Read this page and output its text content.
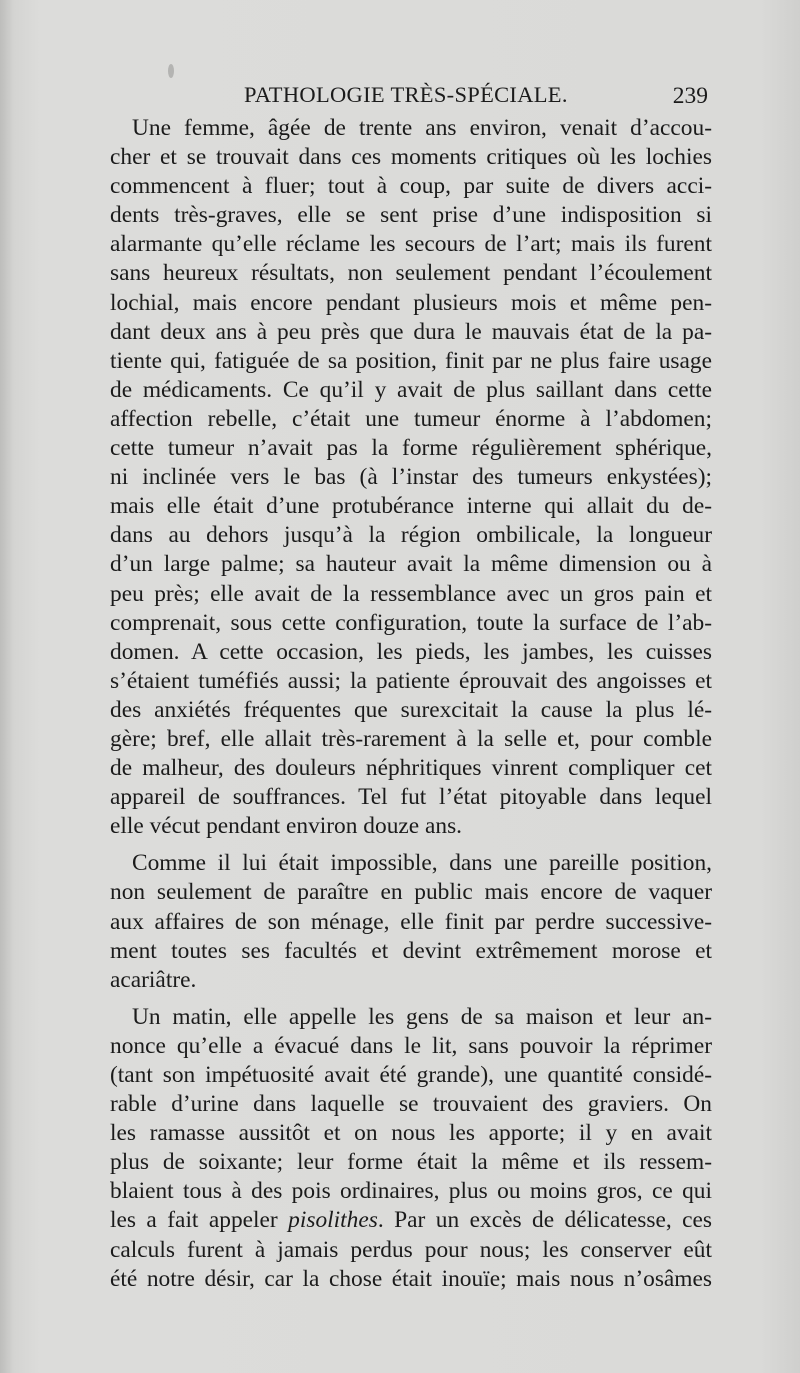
PATHOLOGIE TRÈS-SPÉCIALE.	239
Une femme, âgée de trente ans environ, venait d’accou-
cher et se trouvait dans ces moments critiques où les lochies
commencent à fluer; tout à coup, par suite de divers acci-
dents très-graves, elle se sent prise d’une indisposition si
alarmante qu’elle réclame les secours de l’art; mais ils furent
sans heureux résultats, non seulement pendant l’écoulement
lochial, mais encore pendant plusieurs mois et même pen-
dant deux ans à peu près que dura le mauvais état de la pa-
tiente qui, fatiguée de sa position, finit par ne plus faire usage
de médicaments. Ce qu’il y avait de plus saillant dans cette
affection rebelle, c’était une tumeur énorme à l’abdomen;
cette tumeur n’avait pas la forme régulièrement sphérique,
ni inclinée vers le bas (à l’instar des tumeurs enkystées);
mais elle était d’une protubérance interne qui allait du de-
dans au dehors jusqu’à la région ombilicale, la longueur
d’un large palme; sa hauteur avait la même dimension ou à
peu près; elle avait de la ressemblance avec un gros pain et
comprenait, sous cette configuration, toute la surface de l’ab-
domen. A cette occasion, les pieds, les jambes, les cuisses
s’étaient tuméfiés aussi; la patiente éprouvait des angoisses et
des anxiétés fréquentes que surexcitait la cause la plus lé-
gère; bref, elle allait très-rarement à la selle et, pour comble
de malheur, des douleurs néphritiques vinrent compliquer cet
appareil de souffrances. Tel fut l’état pitoyable dans lequel
elle vécut pendant environ douze ans.
Comme il lui était impossible, dans une pareille position,
non seulement de paraître en public mais encore de vaquer
aux affaires de son ménage, elle finit par perdre successive-
ment toutes ses facultés et devint extrêmement morose et
acariâtre.
Un matin, elle appelle les gens de sa maison et leur an-
nonce qu’elle a évacué dans le lit, sans pouvoir la réprimer
(tant son impétuosité avait été grande), une quantité considé-
rable d’urine dans laquelle se trouvaient des graviers. On
les ramasse aussitôt et on nous les apporte; il y en avait
plus de soixante; leur forme était la même et ils ressem-
blaient tous à des pois ordinaires, plus ou moins gros, ce qui
les a fait appeler pisolithes. Par un excès de délicatesse, ces
calculs furent à jamais perdus pour nous; les conserver eût
été notre désir, car la chose était inouïe; mais nous n’osâmes
